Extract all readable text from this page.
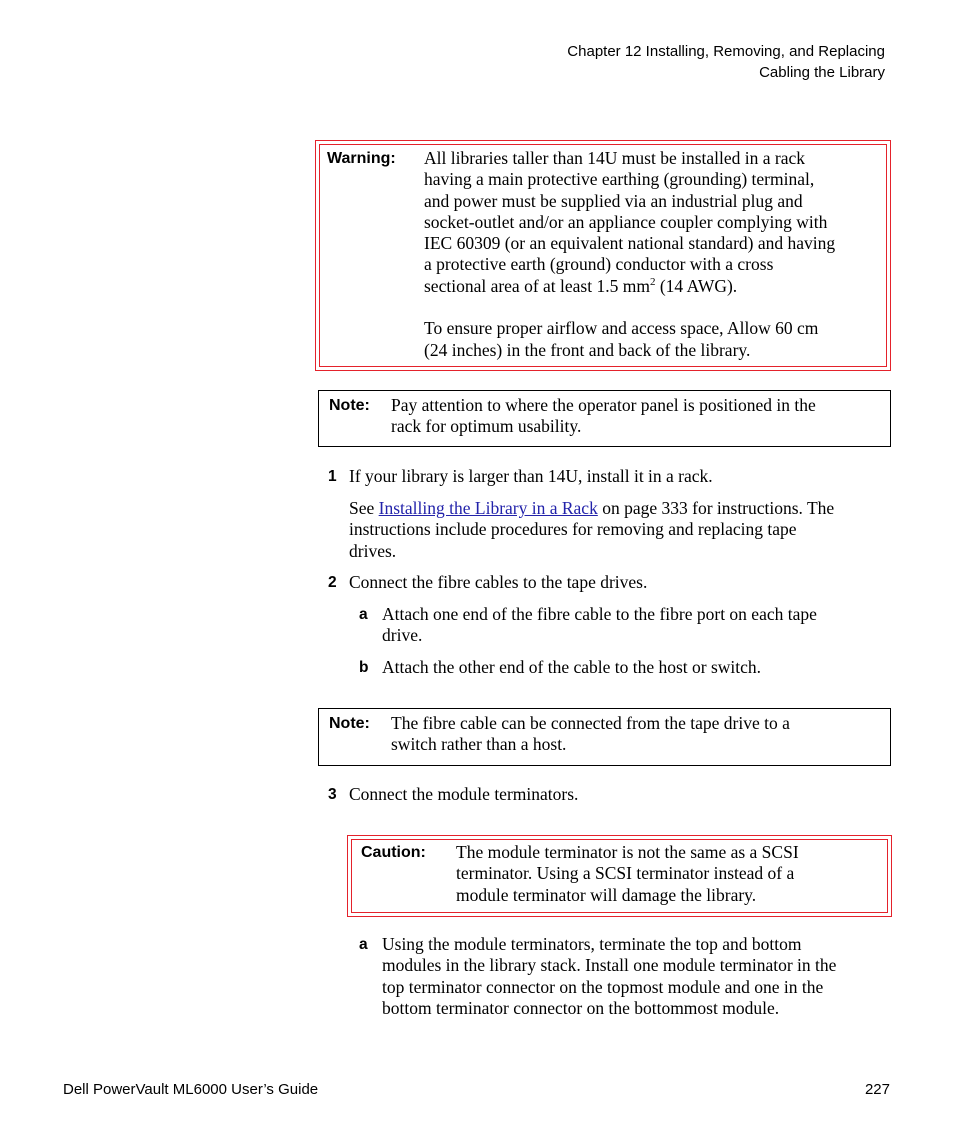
Chapter 12 Installing, Removing, and Replacing
Cabling the Library
Warning: All libraries taller than 14U must be installed in a rack
having a main protective earthing (grounding) terminal,
and power must be supplied via an industrial plug and
socket-outlet and/or an appliance coupler complying with
IEC 60309 (or an equivalent national standard) and having
a protective earth (ground) conductor with a cross
sectional area of at least 1.5 $mm^2$ (14 AWG).
To ensure proper airflow and access space, Allow 60 cm
(24 inches) in the front and back of the library.
Note: Pay attention to where the operator panel is positioned in the
rack for optimum usability.
1 If your library is larger than 14U, install it in a rack.
See Installing the Library in a Rack on page 333 for instructions. The
instructions include procedures for removing and replacing tape
drives.
2 Connect the fibre cables to the tape drives.
a Attach one end of the fibre cable to the fibre port on each tape
drive.
b Attach the other end of the cable to the host or switch.
Note: The fibre cable can be connected from the tape drive to a
switch rather than a host.
3 Connect the module terminators.
Caution: The module terminator is not the same as a SCSI
terminator. Using a SCSI terminator instead of a
module terminator will damage the library.
a Using the module terminators, terminate the top and bottom
modules in the library stack. Install one module terminator in the
top terminator connector on the topmost module and one in the
bottom terminator connector on the bottommost module.
Dell PowerVault ML6000 User’s Guide	227
